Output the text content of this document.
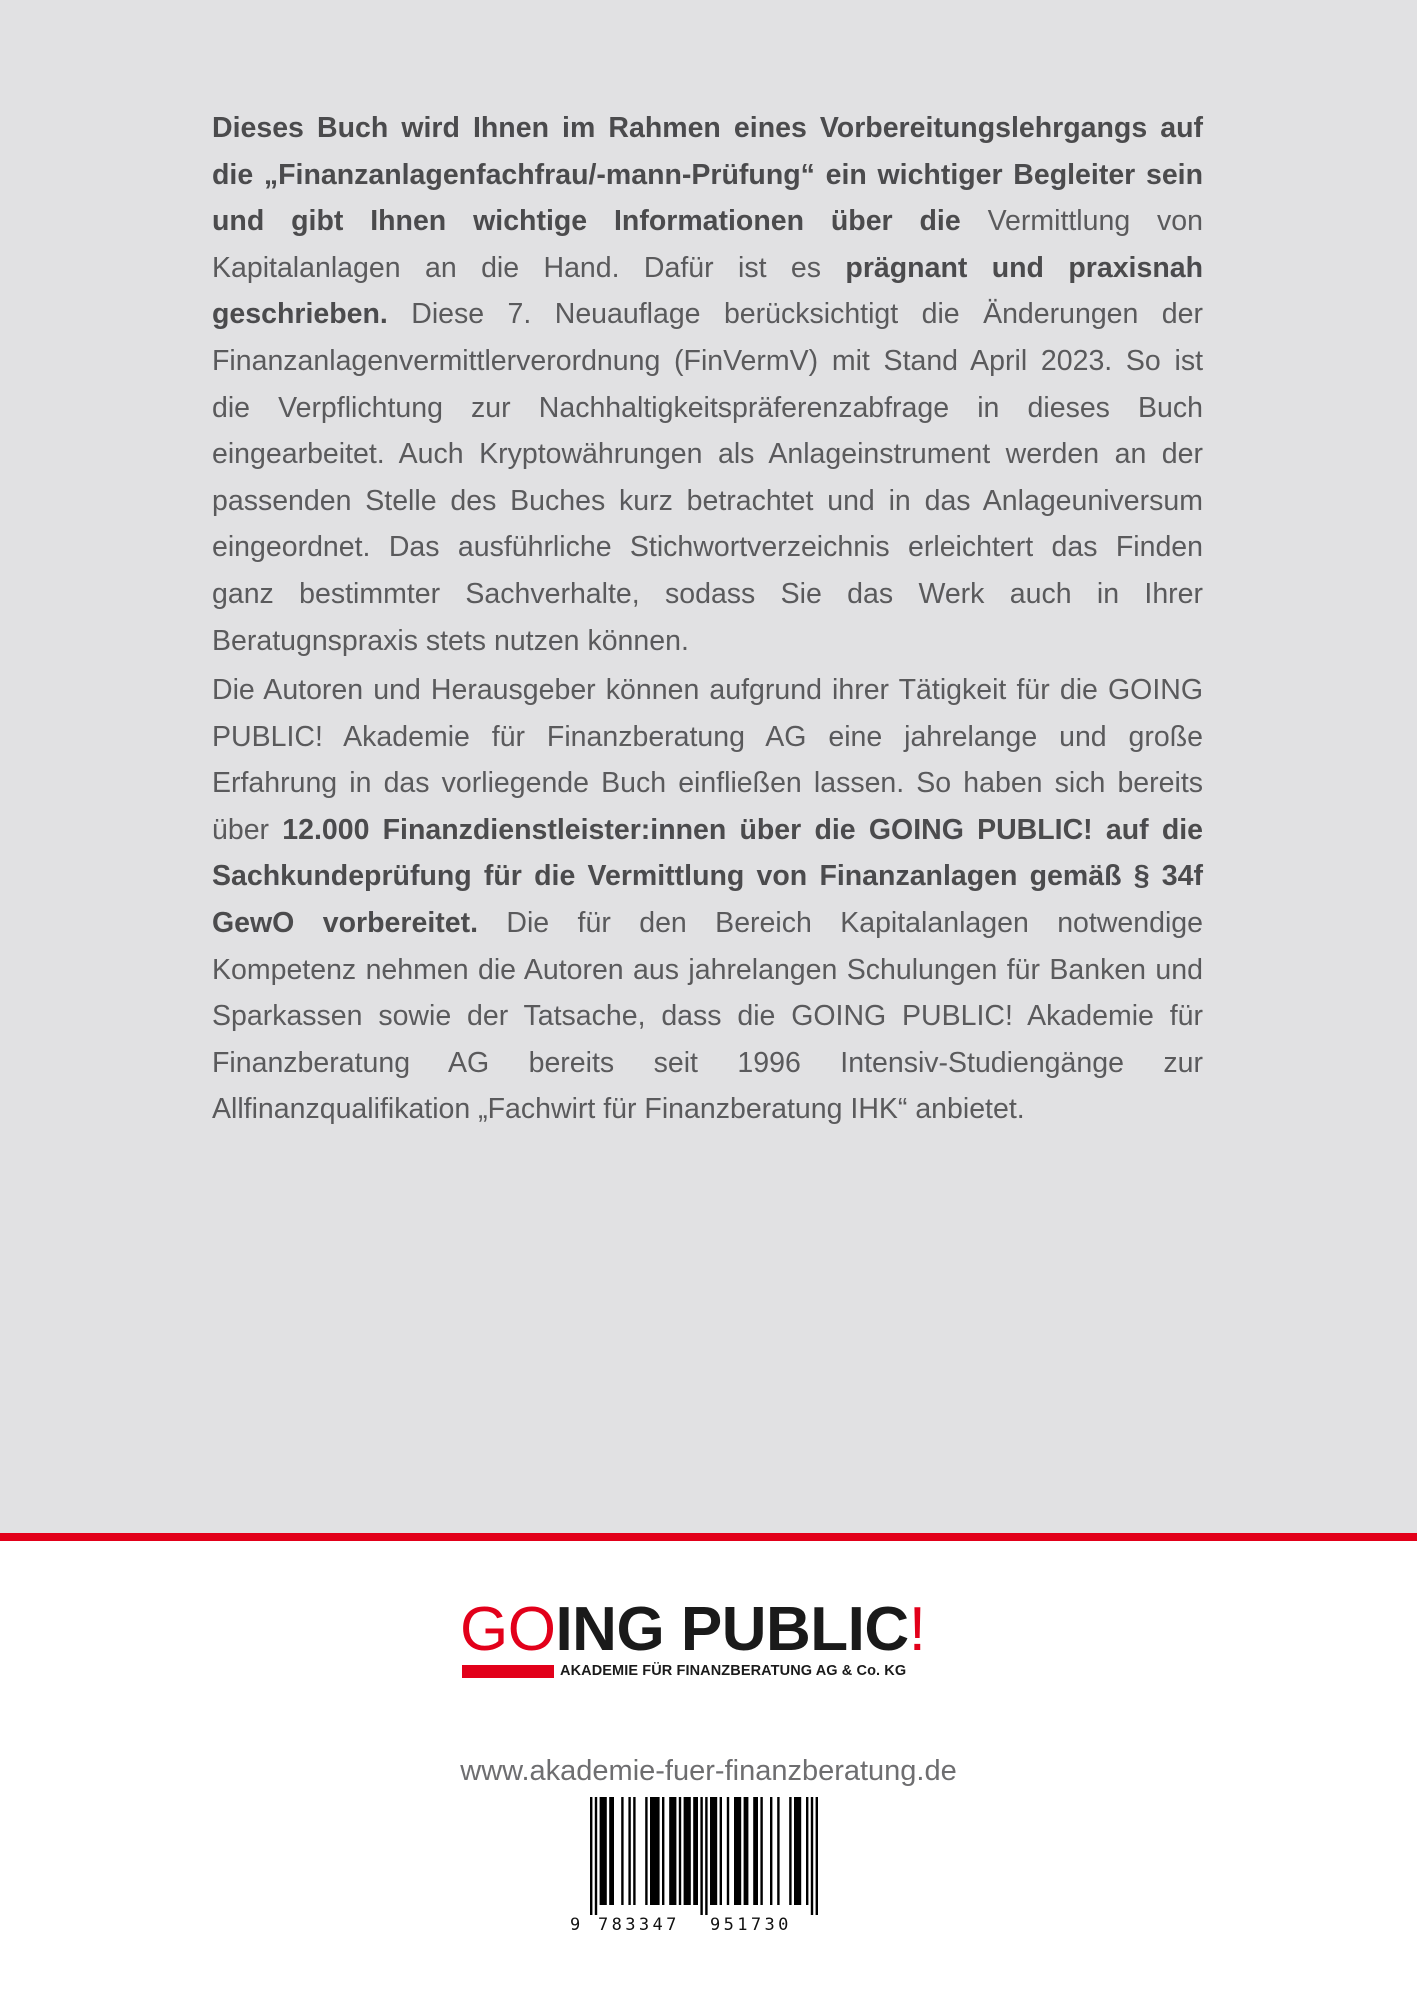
Dieses Buch wird Ihnen im Rahmen eines Vorbereitungslehrgangs auf die „Finanzanlagenfachfrau/-mann-Prüfung“ ein wichtiger Begleiter sein und gibt Ihnen wichtige Informationen über die Vermittlung von Kapitalanlagen an die Hand. Dafür ist es prägnant und praxisnah geschrieben. Diese 7. Neuauflage berücksichtigt die Änderungen der Finanzanlagenvermittlerverordnung (FinVermV) mit Stand April 2023. So ist die Verpflichtung zur Nachhaltigkeitspräferenzabfrage in dieses Buch eingearbeitet. Auch Kryptowährungen als Anlageinstrument werden an der passenden Stelle des Buches kurz betrachtet und in das Anlageuniversum eingeordnet. Das ausführliche Stichwortverzeichnis erleichtert das Finden ganz bestimmter Sachverhalte, sodass Sie das Werk auch in Ihrer Beratugnspraxis stets nutzen können.

Die Autoren und Herausgeber können aufgrund ihrer Tätigkeit für die GOING PUBLIC! Akademie für Finanzberatung AG eine jahrelange und große Erfahrung in das vorliegende Buch einfließen lassen. So haben sich bereits über 12.000 Finanzdienstleister:innen über die GOING PUBLIC! auf die Sachkundeprüfung für die Vermittlung von Finanzanlagen gemäß § 34f GewO vorbereitet. Die für den Bereich Kapitalanlagen notwendige Kompetenz nehmen die Autoren aus jahrelangen Schulungen für Banken und Sparkassen sowie der Tatsache, dass die GOING PUBLIC! Akademie für Finanzberatung AG bereits seit 1996 Intensiv-Studiengänge zur Allfinanzqualifikation „Fachwirt für Finanzberatung IHK“ anbietet.

GOING PUBLIC!
AKADEMIE FÜR FINANZBERATUNG AG & Co. KG
www.akademie-fuer-finanzberatung.de
9 783347 951730
